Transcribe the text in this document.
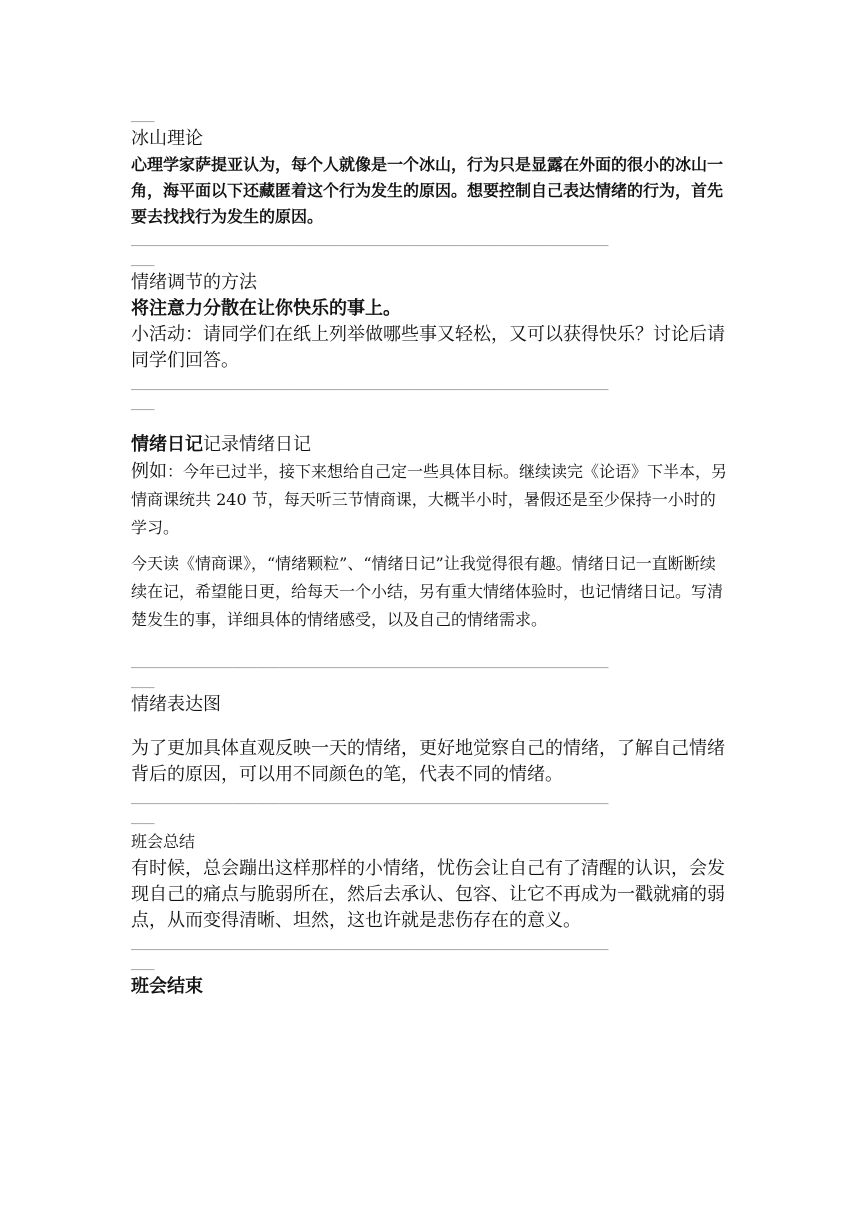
___
冰山理论
心理学家萨提亚认为，每个人就像是一个冰山，行为只是显露在外面的很小的冰山一角，海平面以下还藏匿着这个行为发生的原因。想要控制自己表达情绪的行为，首先要去找找行为发生的原因。
_____________________________________________________________
___
情绪调节的方法
将注意力分散在让你快乐的事上。
小活动：请同学们在纸上列举做哪些事又轻松，又可以获得快乐？讨论后请同学们回答。
_____________________________________________________________
___
情绪日记记录情绪日记
例如：今年已过半，接下来想给自己定一些具体目标。继续读完《论语》下半本，另情商课统共 240 节，每天听三节情商课，大概半小时，暑假还是至少保持一小时的学习。
今天读《情商课》，“情绪颗粒”、“情绪日记”让我觉得很有趣。情绪日记一直断断续续在记，希望能日更，给每天一个小结，另有重大情绪体验时，也记情绪日记。写清楚发生的事，详细具体的情绪感受，以及自己的情绪需求。
_____________________________________________________________
___
情绪表达图
为了更加具体直观反映一天的情绪，更好地觉察自己的情绪，了解自己情绪背后的原因，可以用不同颜色的笔，代表不同的情绪。
_____________________________________________________________
___
班会总结
有时候，总会蹦出这样那样的小情绪，忧伤会让自己有了清醒的认识，会发现自己的痛点与脆弱所在，然后去承认、包容、让它不再成为一戳就痛的弱点，从而变得清晰、坦然，这也许就是悲伤存在的意义。
_____________________________________________________________
___
班会结束
